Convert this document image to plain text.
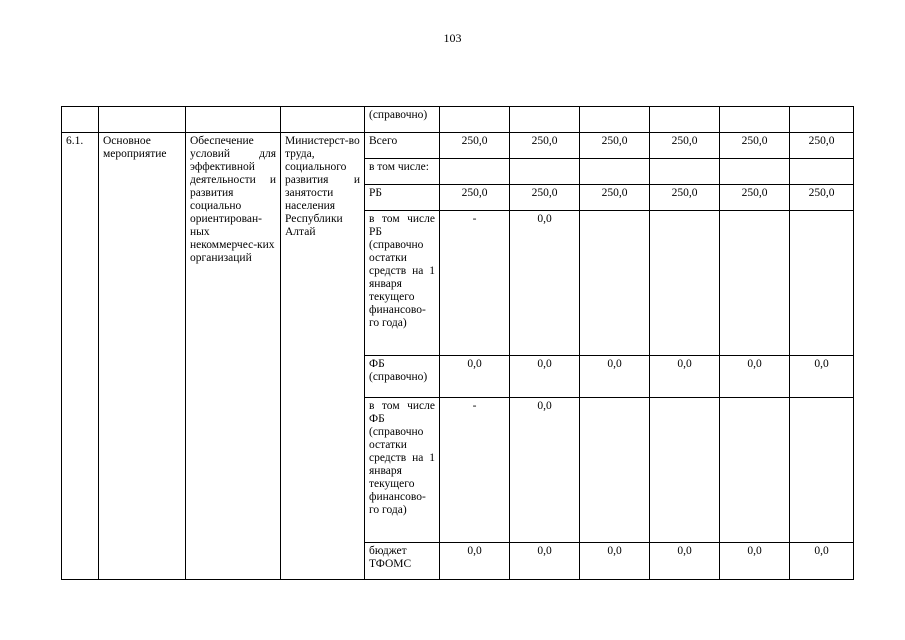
103
				(справочно)						
6.1.	Основное мероприятие	Обеспечение условий для эффективной деятельности и развития социально ориентирован-ных некоммерчес-ких организаций	Министерст-во труда, социального развития и занятости населения Республики Алтай	Всего	250,0	250,0	250,0	250,0	250,0	250,0
				в том числе:						
				РБ	250,0	250,0	250,0	250,0	250,0	250,0
				в том числе РБ (справочно остатки средств на 1 января текущего финансово-го года)	-	0,0				
				ФБ (справочно)	0,0	0,0	0,0	0,0	0,0	0,0
				в том числе ФБ (справочно остатки средств на 1 января текущего финансово-го года)	-	0,0				
				бюджет ТФОМС	0,0	0,0	0,0	0,0	0,0	0,0
